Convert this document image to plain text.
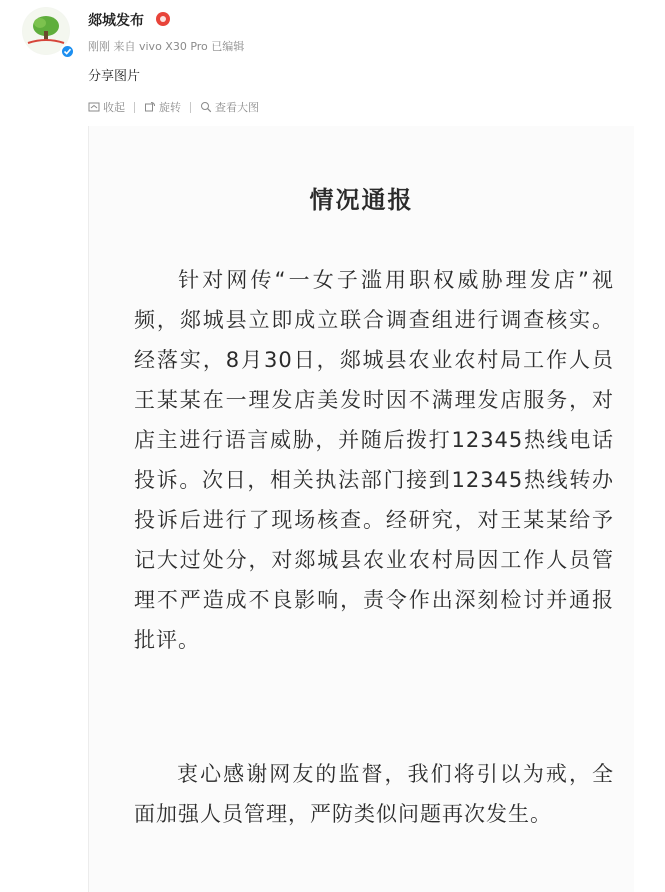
郯城发布
刚刚 来自 vivo X30 Pro 已编辑
分享图片
收起	旋转	查看大图
情况通报
针对网传“一女子滥用职权威胁理发店”视频，郯城县立即成立联合调查组进行调查核实。经落实，8月30日，郯城县农业农村局工作人员王某某在一理发店美发时因不满理发店服务，对店主进行语言威胁，并随后拨打12345热线电话投诉。次日，相关执法部门接到12345热线转办投诉后进行了现场核查。经研究，对王某某给予记大过处分，对郯城县农业农村局因工作人员管理不严造成不良影响，责令作出深刻检讨并通报批评。
衷心感谢网友的监督，我们将引以为戒，全面加强人员管理，严防类似问题再次发生。
